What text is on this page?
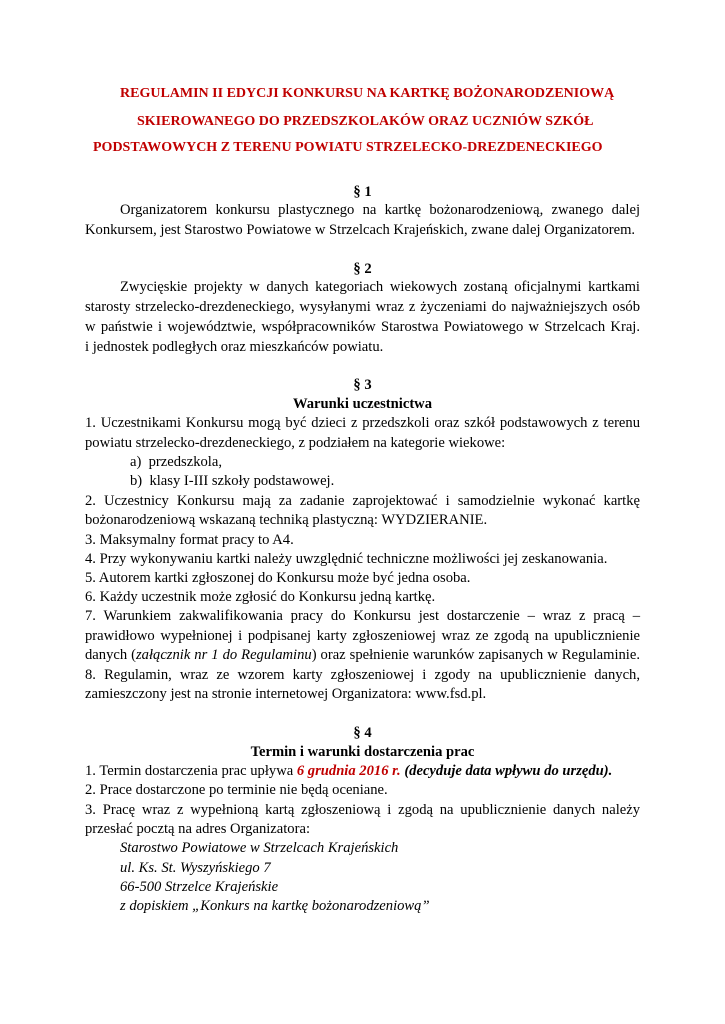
REGULAMIN II EDYCJI KONKURSU NA KARTKĘ BOŻONARODZENIOWĄ
SKIEROWANEGO DO PRZEDSZKOLAKÓW ORAZ UCZNIÓW SZKÓŁ
PODSTAWOWYCH Z TERENU POWIATU STRZELECKO-DREZDENECKIEGO
§ 1
Organizatorem konkursu plastycznego na kartkę bożonarodzeniową, zwanego dalej
Konkursem, jest Starostwo Powiatowe w Strzelcach Krajeńskich, zwane dalej Organizatorem.
§ 2
Zwycięskie projekty w danych kategoriach wiekowych zostaną oficjalnymi kartkami
starosty strzelecko-drezdeneckiego, wysyłanymi wraz z życzeniami do najważniejszych osób
w państwie i województwie, współpracowników Starostwa Powiatowego w Strzelcach Kraj.
i jednostek podległych oraz mieszkańców powiatu.
§ 3
Warunki uczestnictwa
1. Uczestnikami Konkursu mogą być dzieci z przedszkoli oraz szkół podstawowych z terenu
powiatu strzelecko-drezdeneckiego, z podziałem na kategorie wiekowe:
a)  przedszkola,
b)  klasy I-III szkoły podstawowej.
2. Uczestnicy Konkursu mają za zadanie zaprojektować i samodzielnie wykonać kartkę
bożonarodzeniową wskazaną techniką plastyczną: WYDZIERANIE.
3. Maksymalny format pracy to A4.
4. Przy wykonywaniu kartki należy uwzględnić techniczne możliwości jej zeskanowania.
5. Autorem kartki zgłoszonej do Konkursu może być jedna osoba.
6. Każdy uczestnik może zgłosić do Konkursu jedną kartkę.
7. Warunkiem zakwalifikowania pracy do Konkursu jest dostarczenie – wraz z pracą –
prawidłowo wypełnionej i podpisanej karty zgłoszeniowej wraz ze zgodą na upublicznienie
danych (załącznik nr 1 do Regulaminu) oraz spełnienie warunków zapisanych w Regulaminie.
8. Regulamin, wraz ze wzorem karty zgłoszeniowej i zgody na upublicznienie danych,
zamieszczony jest na stronie internetowej Organizatora: www.fsd.pl.
§ 4
Termin i warunki dostarczenia prac
1. Termin dostarczenia prac upływa 6 grudnia 2016 r. (decyduje data wpływu do urzędu).
2. Prace dostarczone po terminie nie będą oceniane.
3. Pracę wraz z wypełnioną kartą zgłoszeniową i zgodą na upublicznienie danych należy
przesłać pocztą na adres Organizatora:
Starostwo Powiatowe w Strzelcach Krajeńskich
ul. Ks. St. Wyszyńskiego 7
66-500 Strzelce Krajeńskie
z dopiskiem „Konkurs na kartkę bożonarodzeniową”
